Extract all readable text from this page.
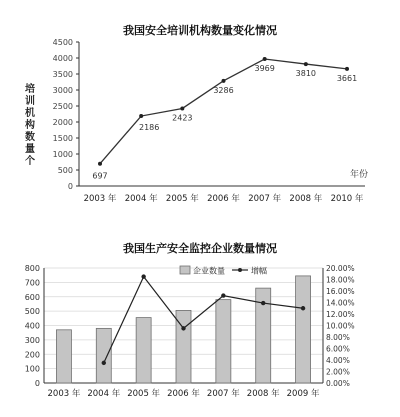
我国安全培训机构数量变化情况
培
训
机
构
数
量
个
0
500
1000
1500
2000
2500
3000
3500
4000
4500
2003 年 2004 年 2005 年 2006 年 2007 年 2008 年 2010 年
697
2186
2423
3286
3969
3810
3661
年份
我国生产安全监控企业数量情况
0
100
200
300
400
500
600
700
800
0.00%
2.00%
4.00%
6.00%
8.00%
10.00%
12.00%
14.00%
16.00%
18.00%
20.00%
2003 年 2004 年 2005 年 2006 年 2007 年 2008 年 2009 年
企业数量	增幅
